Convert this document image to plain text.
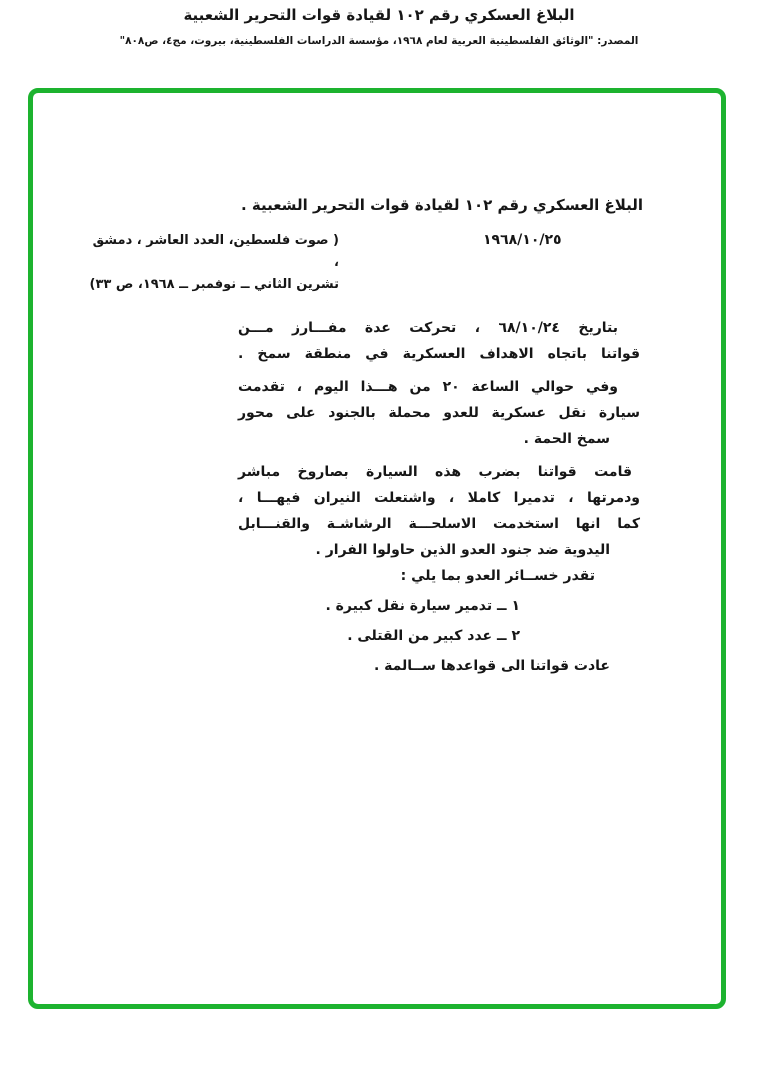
البلاغ العسكري رقم ١٠٢ لقيادة قوات التحرير الشعبية
المصدر: "الوثائق الفلسطينية العربية لعام ١٩٦٨، مؤسسة الدراسات الفلسطينية، بيروت، مج٤، ص٨٠٨"
البلاغ العسكري رقم ١٠٢ لقيادة قوات التحرير الشعبية .
١٩٦٨/١٠/٢٥
( صوت فلسطين، العدد العاشر ، دمشق ،
تشرين الثاني ــ نوفمبر ــ ١٩٦٨، ص ٣٣)
بتاريخ ٦٨/١٠/٢٤ ، تحركت عدة مفـــارز مـــن
قواتنا باتجاه الاهداف العسكرية في منطقة سمخ .
وفي حوالي الساعة ٢٠ من هـــذا اليوم ، تقدمت
سيارة نقل عسكرية للعدو محملة بالجنود على محور
سمخ الحمة .
قامت قواتنا بضرب هذه السيارة بصاروخ مباشر
ودمرتها ، تدميرا كاملا ، واشتعلت النيران فيهـــا ،
كما انها استخدمت الاسلحـــة الرشاشـة والقنـــابل
اليدوية ضد جنود العدو الذين حاولوا الفرار .
تقدر خســائر العدو بما يلي :
١ ــ تدمير سيارة نقل كبيرة .
٢ ــ عدد كبير من القتلى .
عادت قواتنا الى قواعدها ســالمة .
